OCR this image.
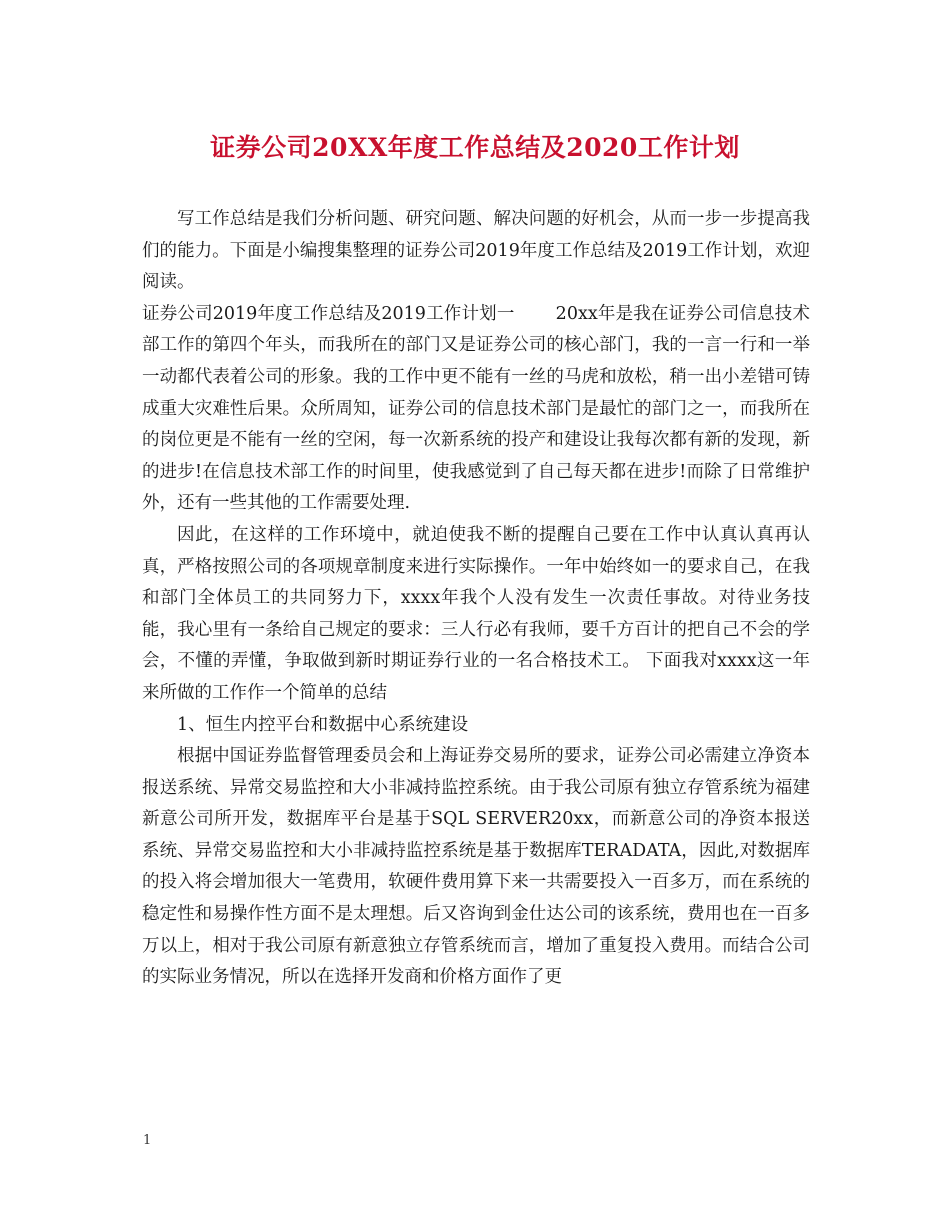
证券公司20XX年度工作总结及2020工作计划

写工作总结是我们分析问题、研究问题、解决问题的好机会，从而一步一步提高我们的能力。下面是小编搜集整理的证券公司2019年度工作总结及2019工作计划，欢迎阅读。

证券公司2019年度工作总结及2019工作计划一　　 20xx年是我在证券公司信息技术部工作的第四个年头，而我所在的部门又是证券公司的核心部门，我的一言一行和一举一动都代表着公司的形象。我的工作中更不能有一丝的马虎和放松，稍一出小差错可铸成重大灾难性后果。众所周知，证券公司的信息技术部门是最忙的部门之一，而我所在的岗位更是不能有一丝的空闲，每一次新系统的投产和建设让我每次都有新的发现，新的进步!在信息技术部工作的时间里，使我感觉到了自己每天都在进步!而除了日常维护外，还有一些其他的工作需要处理.

因此，在这样的工作环境中，就迫使我不断的提醒自己要在工作中认真认真再认真，严格按照公司的各项规章制度来进行实际操作。一年中始终如一的要求自己，在我和部门全体员工的共同努力下，xxxx年我个人没有发生一次责任事故。对待业务技能，我心里有一条给自己规定的要求：三人行必有我师，要千方百计的把自己不会的学会，不懂的弄懂，争取做到新时期证券行业的一名合格技术工。 下面我对xxxx这一年来所做的工作作一个简单的总结

1、恒生内控平台和数据中心系统建设

根据中国证券监督管理委员会和上海证券交易所的要求，证券公司必需建立净资本报送系统、异常交易监控和大小非减持监控系统。由于我公司原有独立存管系统为福建新意公司所开发，数据库平台是基于SQL SERVER20xx，而新意公司的净资本报送系统、异常交易监控和大小非减持监控系统是基于数据库TERADATA，因此,对数据库的投入将会增加很大一笔费用，软硬件费用算下来一共需要投入一百多万，而在系统的稳定性和易操作性方面不是太理想。后又咨询到金仕达公司的该系统，费用也在一百多万以上，相对于我公司原有新意独立存管系统而言，增加了重复投入费用。而结合公司的实际业务情况，所以在选择开发商和价格方面作了更

1
